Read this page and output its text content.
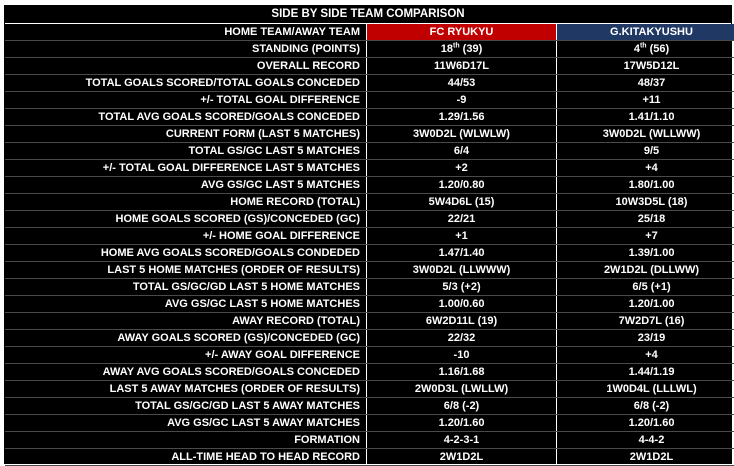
SIDE BY SIDE TEAM COMPARISON
HOME TEAM/AWAY TEAM	FC RYUKYU	G.KITAKYUSHU
STANDING (POINTS)	18th (39)	4th (56)
OVERALL RECORD	11W6D17L	17W5D12L
TOTAL GOALS SCORED/TOTAL GOALS CONCEDED	44/53	48/37
+/- TOTAL GOAL DIFFERENCE	-9	+11
TOTAL AVG GOALS SCORED/GOALS CONCEDED	1.29/1.56	1.41/1.10
CURRENT FORM (LAST 5 MATCHES)	3W0D2L (WLWLW)	3W0D2L (WLLWW)
TOTAL GS/GC LAST 5 MATCHES	6/4	9/5
+/- TOTAL GOAL DIFFERENCE LAST 5 MATCHES	+2	+4
AVG GS/GC LAST 5 MATCHES	1.20/0.80	1.80/1.00
HOME RECORD (TOTAL)	5W4D6L (15)	10W3D5L (18)
HOME GOALS SCORED (GS)/CONCEDED (GC)	22/21	25/18
+/- HOME GOAL DIFFERENCE	+1	+7
HOME AVG GOALS SCORED/GOALS CONDEDED	1.47/1.40	1.39/1.00
LAST 5 HOME MATCHES (ORDER OF RESULTS)	3W0D2L (LLWWW)	2W1D2L (DLLWW)
TOTAL GS/GC/GD LAST 5 HOME MATCHES	5/3 (+2)	6/5 (+1)
AVG GS/GC LAST 5 HOME MATCHES	1.00/0.60	1.20/1.00
AWAY RECORD (TOTAL)	6W2D11L (19)	7W2D7L (16)
AWAY GOALS SCORED (GS)/CONCEDED (GC)	22/32	23/19
+/- AWAY GOAL DIFFERENCE	-10	+4
AWAY AVG GOALS SCORED/GOALS CONCEDED	1.16/1.68	1.44/1.19
LAST 5 AWAY MATCHES (ORDER OF RESULTS)	2W0D3L (LWLLW)	1W0D4L (LLLWL)
TOTAL GS/GC/GD LAST 5 AWAY MATCHES	6/8 (-2)	6/8 (-2)
AVG GS/GC LAST 5 AWAY MATCHES	1.20/1.60	1.20/1.60
FORMATION	4-2-3-1	4-4-2
ALL-TIME HEAD TO HEAD RECORD	2W1D2L	2W1D2L
